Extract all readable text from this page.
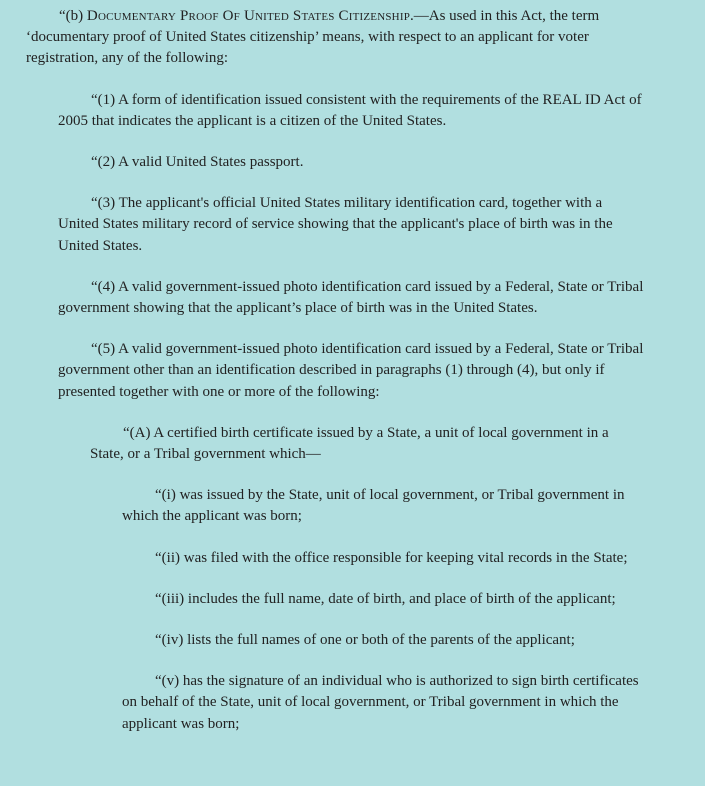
“(b) Documentary Proof Of United States Citizenship.—As used in this Act, the term ‘documentary proof of United States citizenship’ means, with respect to an applicant for voter registration, any of the following:

“(1) A form of identification issued consistent with the requirements of the REAL ID Act of 2005 that indicates the applicant is a citizen of the United States.

“(2) A valid United States passport.

“(3) The applicant's official United States military identification card, together with a United States military record of service showing that the applicant's place of birth was in the United States.

“(4) A valid government-issued photo identification card issued by a Federal, State or Tribal government showing that the applicant’s place of birth was in the United States.

“(5) A valid government-issued photo identification card issued by a Federal, State or Tribal government other than an identification described in paragraphs (1) through (4), but only if presented together with one or more of the following:

“(A) A certified birth certificate issued by a State, a unit of local government in a State, or a Tribal government which—

“(i) was issued by the State, unit of local government, or Tribal government in which the applicant was born;

“(ii) was filed with the office responsible for keeping vital records in the State;

“(iii) includes the full name, date of birth, and place of birth of the applicant;

“(iv) lists the full names of one or both of the parents of the applicant;

“(v) has the signature of an individual who is authorized to sign birth certificates on behalf of the State, unit of local government, or Tribal government in which the applicant was born;
